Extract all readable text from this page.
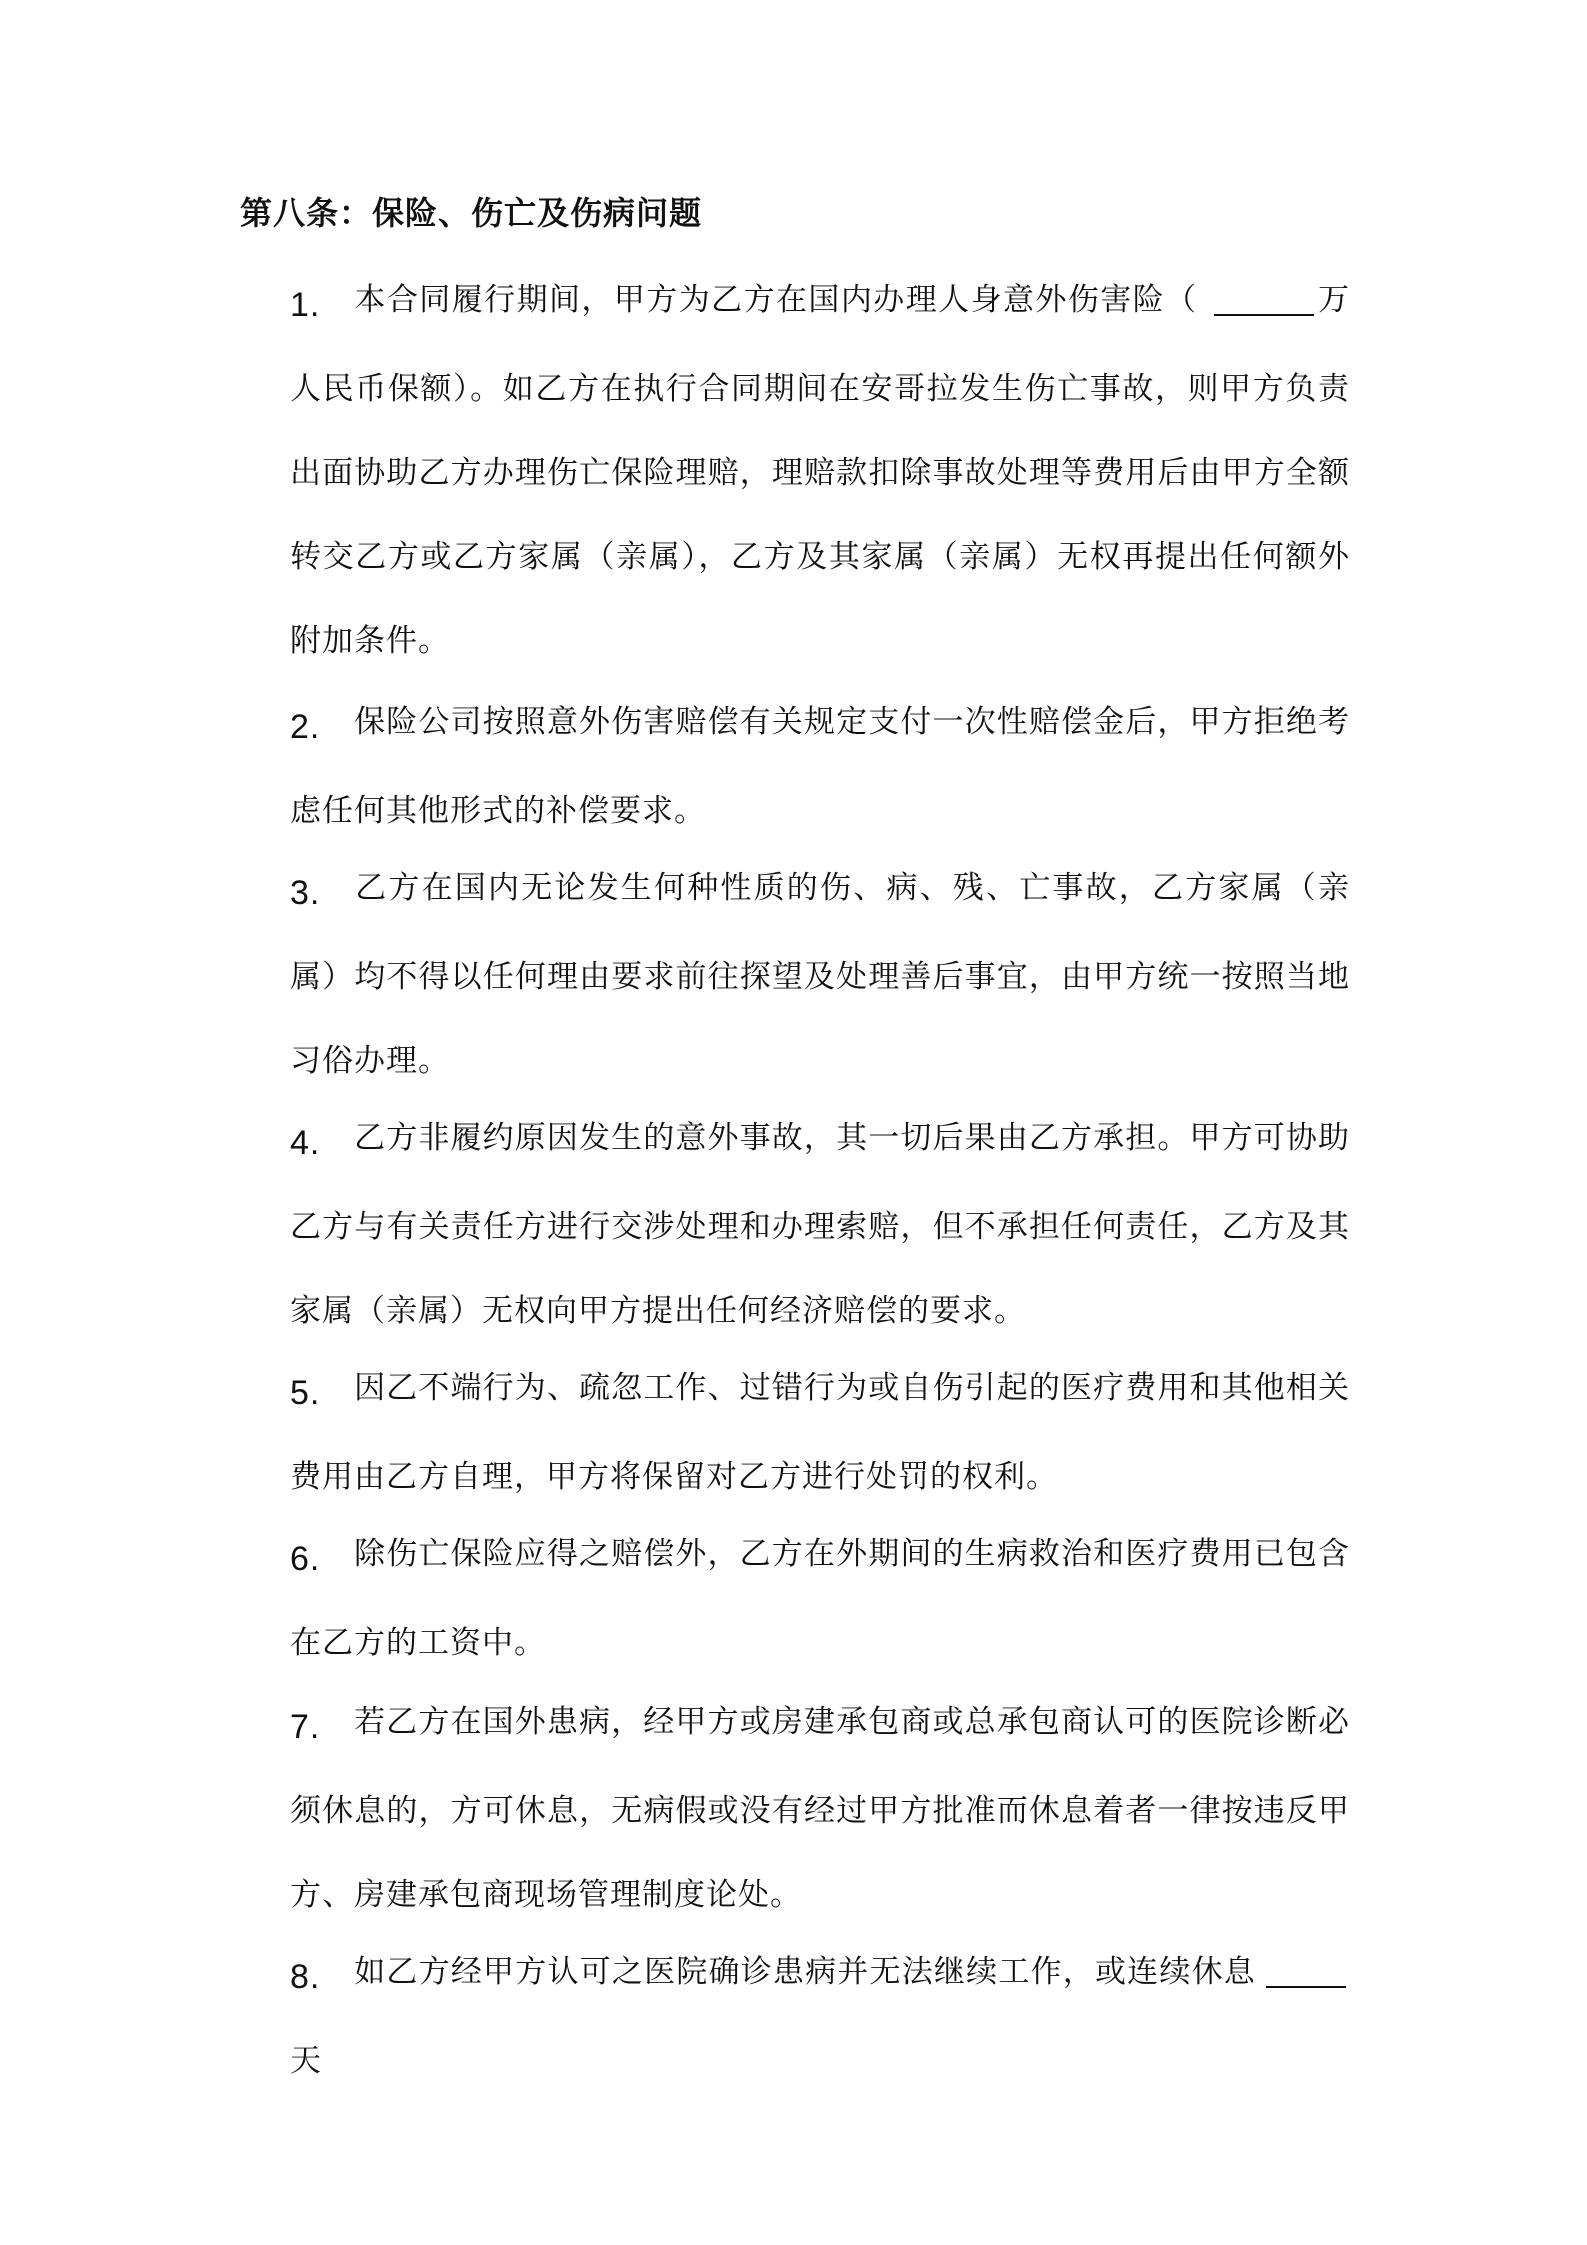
第八条：保险、伤亡及伤病问题
1. 本合同履行期间，甲方为乙方在国内办理人身意外伤害险（	万人民币保额）。如乙方在执行合同期间在安哥拉发生伤亡事故，则甲方负责出面协助乙方办理伤亡保险理赔，理赔款扣除事故处理等费用后由甲方全额转交乙方或乙方家属（亲属），乙方及其家属（亲属）无权再提出任何额外附加条件。
2. 保险公司按照意外伤害赔偿有关规定支付一次性赔偿金后，甲方拒绝考虑任何其他形式的补偿要求。
3. 乙方在国内无论发生何种性质的伤、病、残、亡事故，乙方家属（亲属）均不得以任何理由要求前往探望及处理善后事宜，由甲方统一按照当地习俗办理。
4. 乙方非履约原因发生的意外事故，其一切后果由乙方承担。甲方可协助乙方与有关责任方进行交涉处理和办理索赔，但不承担任何责任，乙方及其家属（亲属）无权向甲方提出任何经济赔偿的要求。
5. 因乙不端行为、疏忽工作、过错行为或自伤引起的医疗费用和其他相关费用由乙方自理，甲方将保留对乙方进行处罚的权利。
6. 除伤亡保险应得之赔偿外，乙方在外期间的生病救治和医疗费用已包含在乙方的工资中。
7. 若乙方在国外患病，经甲方或房建承包商或总承包商认可的医院诊断必须休息的，方可休息，无病假或没有经过甲方批准而休息着者一律按违反甲方、房建承包商现场管理制度论处。
8. 如乙方经甲方认可之医院确诊患病并无法继续工作，或连续休息天
